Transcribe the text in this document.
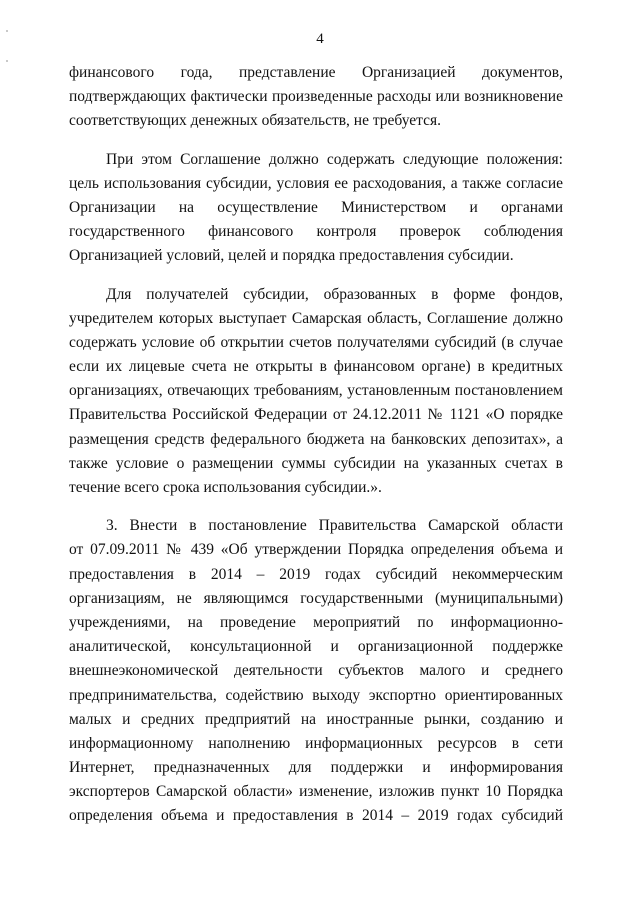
4

финансового года, представление Организацией документов,
подтверждающих фактически произведенные расходы или возникновение
соответствующих денежных обязательств, не требуется.

При этом Соглашение должно содержать следующие положения:
цель использования субсидии, условия ее расходования, а также согласие
Организации на осуществление Министерством и органами
государственного финансового контроля проверок соблюдения
Организацией условий, целей и порядка предоставления субсидии.

Для получателей субсидии, образованных в форме фондов,
учредителем которых выступает Самарская область, Соглашение должно
содержать условие об открытии счетов получателями субсидий (в случае
если их лицевые счета не открыты в финансовом органе) в кредитных
организациях, отвечающих требованиям, установленным постановлением
Правительства Российской Федерации от 24.12.2011 № 1121 «О порядке
размещения средств федерального бюджета на банковских депозитах», а
также условие о размещении суммы субсидии на указанных счетах в
течение всего срока использования субсидии.».

3. Внести в постановление Правительства Самарской области
от 07.09.2011 № 439 «Об утверждении Порядка определения объема и
предоставления в 2014 – 2019 годах субсидий некоммерческим
организациям, не являющимся государственными (муниципальными)
учреждениями, на проведение мероприятий по информационно-
аналитической, консультационной и организационной поддержке
внешнеэкономической деятельности субъектов малого и среднего
предпринимательства, содействию выходу экспортно ориентированных
малых и средних предприятий на иностранные рынки, созданию и
информационному наполнению информационных ресурсов в сети
Интернет, предназначенных для поддержки и информирования
экспортеров Самарской области» изменение, изложив пункт 10 Порядка
определения объема и предоставления в 2014 – 2019 годах субсидий
